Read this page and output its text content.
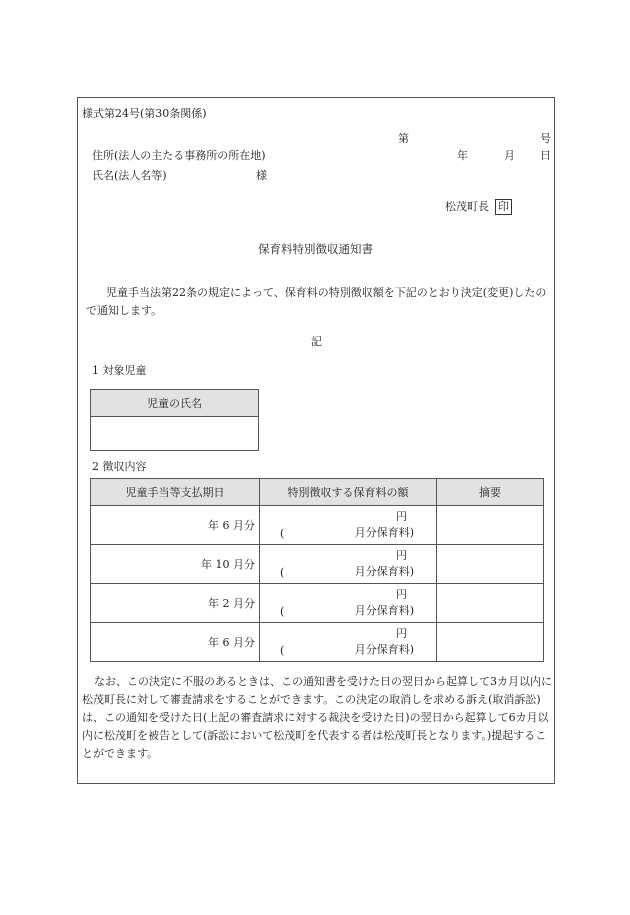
様式第24号(第30条関係)
第	号
住所(法人の主たる事務所の所在地)	年	月 日
氏名(法人名等)	様
松茂町長 印
保育料特別徴収通知書
児童手当法第22条の規定によって、保育料の特別徴収額を下記のとおり決定(変更)したので通知します。
記
1 対象児童
児童の氏名

2 徴収内容
児童手当等支払期日	特別徴収する保育料の額	摘要
年 6 月分	円
( 月分保育料)	

年 10 月分	円
( 月分保育料)	

年 2 月分	円
( 月分保育料)	

年 6 月分	円
( 月分保育料)	

なお、この決定に不服のあるときは、この通知書を受けた日の翌日から起算して3カ月以内に松茂町長に対して審査請求をすることができます。この決定の取消しを求める訴え(取消訴訟)は、この通知を受けた日(上記の審査請求に対する裁決を受けた日)の翌日から起算して6カ月以内に松茂町を被告として(訴訟において松茂町を代表する者は松茂町長となります。)提起することができます。
